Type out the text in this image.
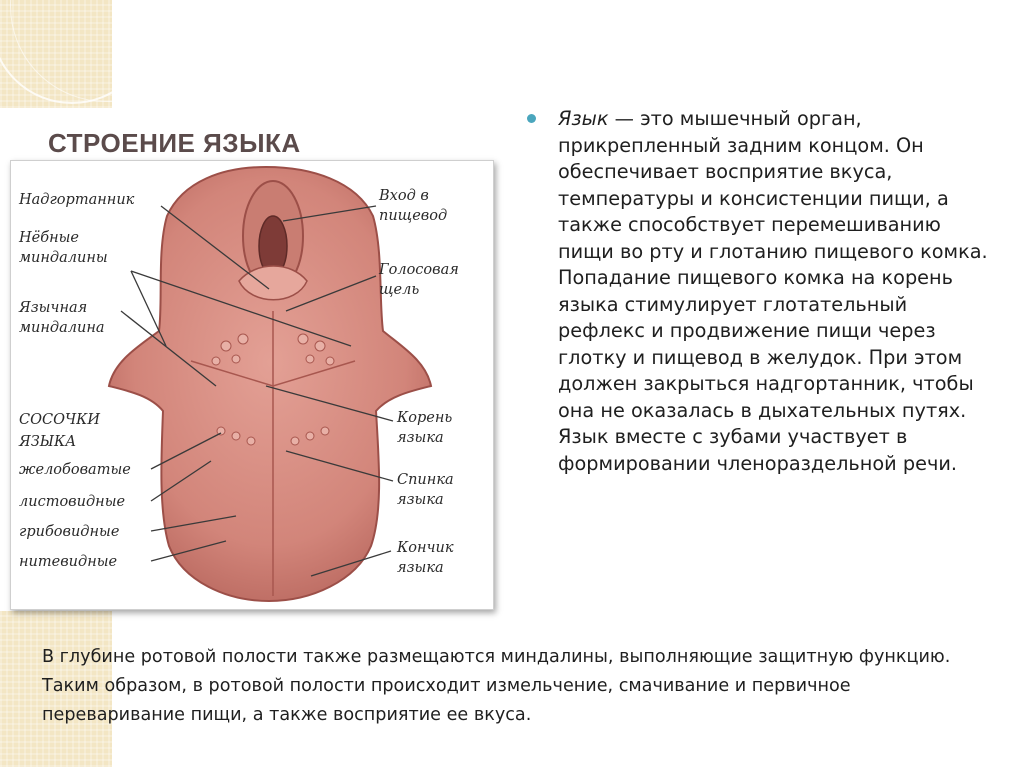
СТРОЕНИЕ ЯЗЫКА
Надгортанник
Нёбные
миндалины
Язычная
миндалина
СОСОЧКИ
ЯЗЫКА
желобоватые
листовидные
грибовидные
нитевидные
Вход в
пищевод
Голосовая
щель
Корень
языка
Спинка
языка
Кончик
языка

Язык — это мышечный орган, прикрепленный задним концом. Он обеспечивает восприятие вкуса, температуры и консистенции пищи, а также способствует перемешиванию пищи во рту и глотанию пищевого комка. Попадание пищевого комка на корень языка стимулирует глотательный рефлекс и продвижение пищи через глотку и пищевод в желудок. При этом должен закрыться надгортанник, чтобы она не оказалась в дыхательных путях. Язык вместе с зубами участвует в формировании членораздельной речи.

В глубине ротовой полости также размещаются миндалины, выполняющие защитную функцию. Таким образом, в ротовой полости происходит измельчение, смачивание и первичное переваривание пищи, а также восприятие ее вкуса.
